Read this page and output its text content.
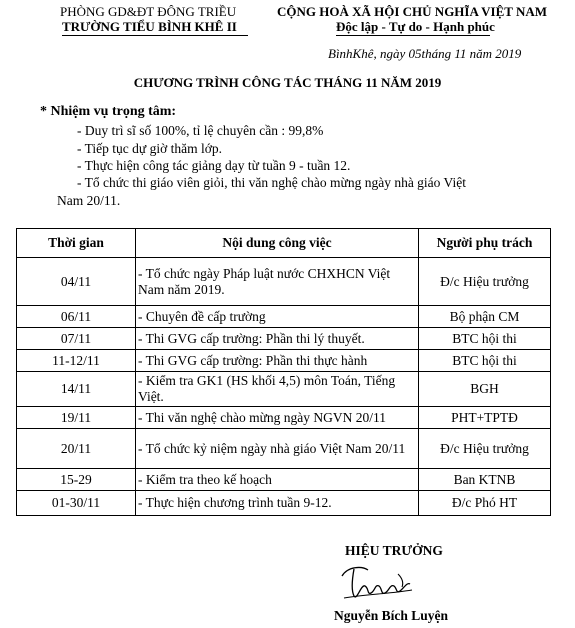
PHÒNG GD&ĐT ĐÔNG TRIỀU
TRƯỜNG TIỂU BÌNH KHÊ II
CỘNG HOÀ XÃ HỘI CHỦ NGHĨA VIỆT NAM
Độc lập - Tự do - Hạnh phúc
BìnhKhê, ngày 05tháng 11 năm 2019
CHƯƠNG TRÌNH CÔNG TÁC THÁNG 11 NĂM 2019
* Nhiệm vụ trọng tâm:
- Duy trì sĩ số 100%, tỉ lệ chuyên cần : 99,8%
- Tiếp tục dự giờ thăm lớp.
- Thực hiện công tác giảng dạy từ tuần 9 - tuần 12.
- Tổ chức thi giáo viên giỏi, thi văn nghệ chào mừng ngày nhà giáo Việt
Nam 20/11.
Thời gian	Nội dung công việc	Người phụ trách
04/11	- Tổ chức ngày Pháp luật nước CHXHCN Việt Nam năm 2019.	Đ/c Hiệu trưởng
06/11	- Chuyên đề cấp trường	Bộ phận CM
07/11	- Thi GVG cấp trường: Phần thi lý thuyết.	BTC hội thi
11-12/11	- Thi GVG cấp trường: Phần thi thực hành	BTC hội thi
14/11	- Kiểm tra GK1 (HS khối 4,5) môn Toán, Tiếng Việt.	BGH
19/11	- Thi văn nghệ chào mừng ngày NGVN 20/11	PHT+TPTĐ
20/11	- Tổ chức kỷ niệm ngày nhà giáo Việt Nam 20/11	Đ/c Hiệu trưởng
15-29	- Kiểm tra theo kế hoạch	Ban KTNB
01-30/11	- Thực hiện chương trình tuần 9-12.	Đ/c Phó HT
HIỆU TRƯỞNG
Nguyễn Bích Luyện
